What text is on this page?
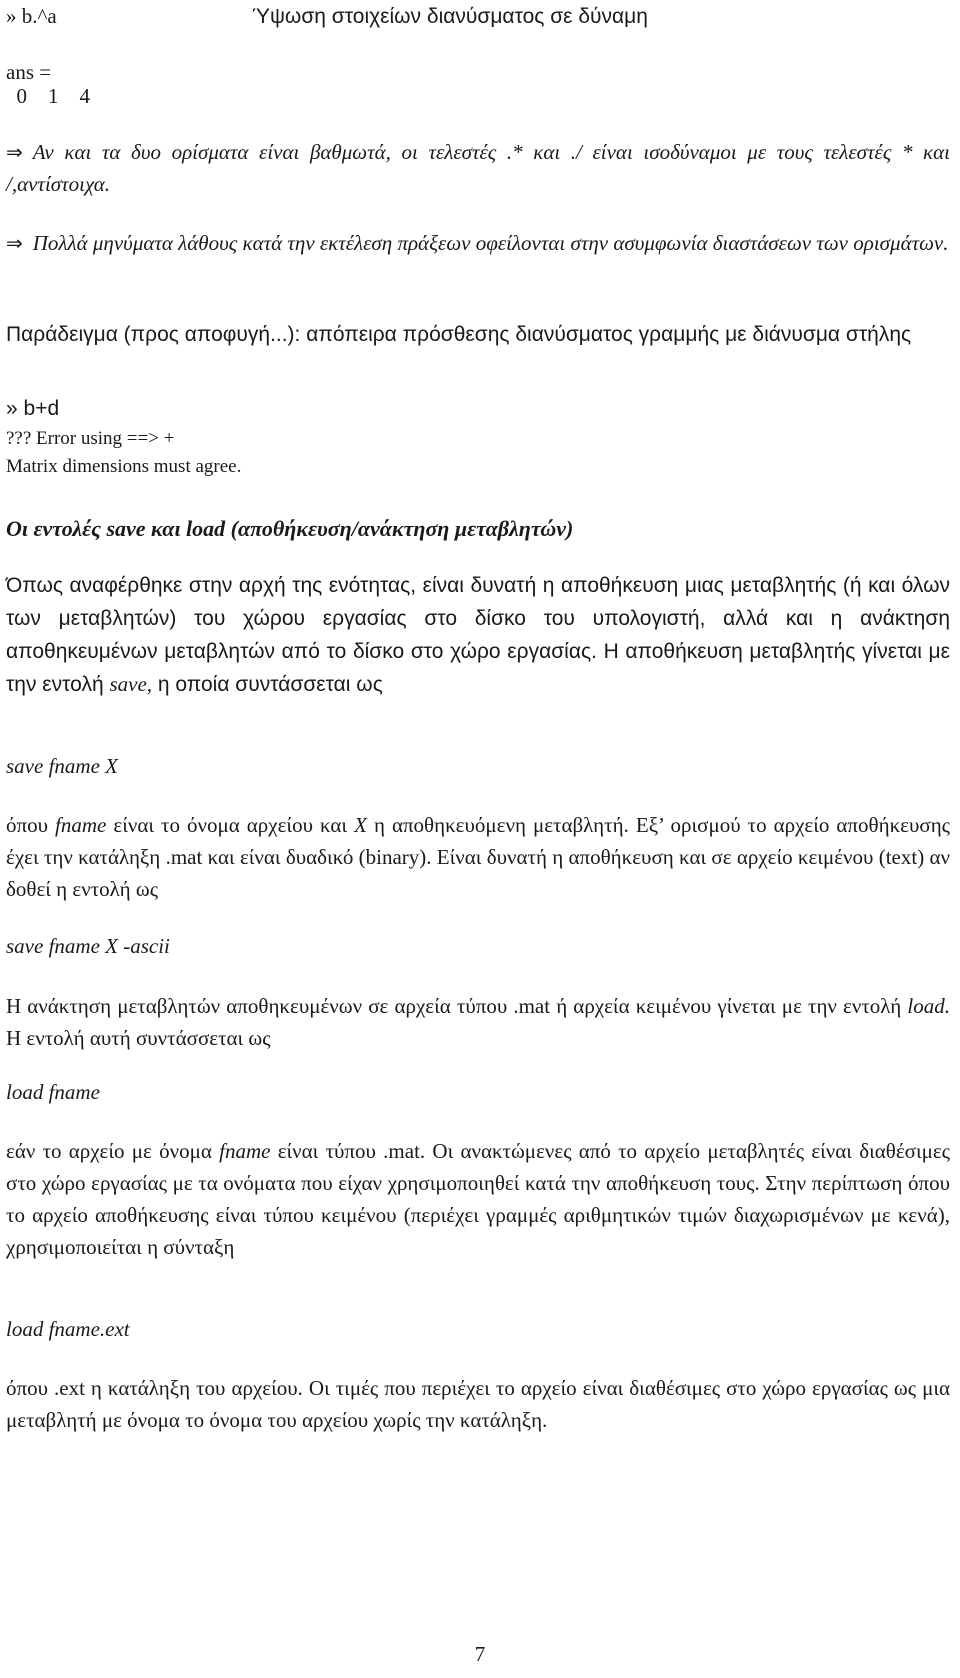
» b.^a	Ύψωση στοιχείων διανύσματος σε δύναμη
ans =
0    1    4
⇒ Αν και τα δυο ορίσματα είναι βαθμωτά, οι τελεστές .* και ./ είναι ισοδύναμοι με τους τελεστές * και /,αντίστοιχα.
⇒ Πολλά μηνύματα λάθους κατά την εκτέλεση πράξεων οφείλονται στην ασυμφωνία διαστάσεων των ορισμάτων.
Παράδειγμα (προς αποφυγή...): απόπειρα πρόσθεσης διανύσματος γραμμής με διάνυσμα στήλης
» b+d
??? Error using ==> +
Matrix dimensions must agree.
Οι εντολές save και load (αποθήκευση/ανάκτηση μεταβλητών)
Όπως αναφέρθηκε στην αρχή της ενότητας, είναι δυνατή η αποθήκευση μιας μεταβλητής (ή και όλων των μεταβλητών) του χώρου εργασίας στο δίσκο του υπολογιστή, αλλά και η ανάκτηση αποθηκευμένων μεταβλητών από το δίσκο στο χώρο εργασίας. Η αποθήκευση μεταβλητής γίνεται με την εντολή save, η οποία συντάσσεται ως
save fname X
όπου fname είναι το όνομα αρχείου και X η αποθηκευόμενη μεταβλητή. Εξ’ ορισμού το αρχείο αποθήκευσης έχει την κατάληξη .mat και είναι δυαδικό (binary). Είναι δυνατή η αποθήκευση και σε αρχείο κειμένου (text) αν δοθεί η εντολή ως
save fname X -ascii
Η ανάκτηση μεταβλητών αποθηκευμένων σε αρχεία τύπου .mat ή αρχεία κειμένου γίνεται με την εντολή load. Η εντολή αυτή συντάσσεται ως
load fname
εάν το αρχείο με όνομα fname είναι τύπου .mat. Οι ανακτώμενες από το αρχείο μεταβλητές είναι διαθέσιμες στο χώρο εργασίας με τα ονόματα που είχαν χρησιμοποιηθεί κατά την αποθήκευση τους. Στην περίπτωση όπου το αρχείο αποθήκευσης είναι τύπου κειμένου (περιέχει γραμμές αριθμητικών τιμών διαχωρισμένων με κενά), χρησιμοποιείται η σύνταξη
load fname.ext
όπου .ext η κατάληξη του αρχείου. Οι τιμές που περιέχει το αρχείο είναι διαθέσιμες στο χώρο εργασίας ως μια μεταβλητή με όνομα το όνομα του αρχείου χωρίς την κατάληξη.
7
